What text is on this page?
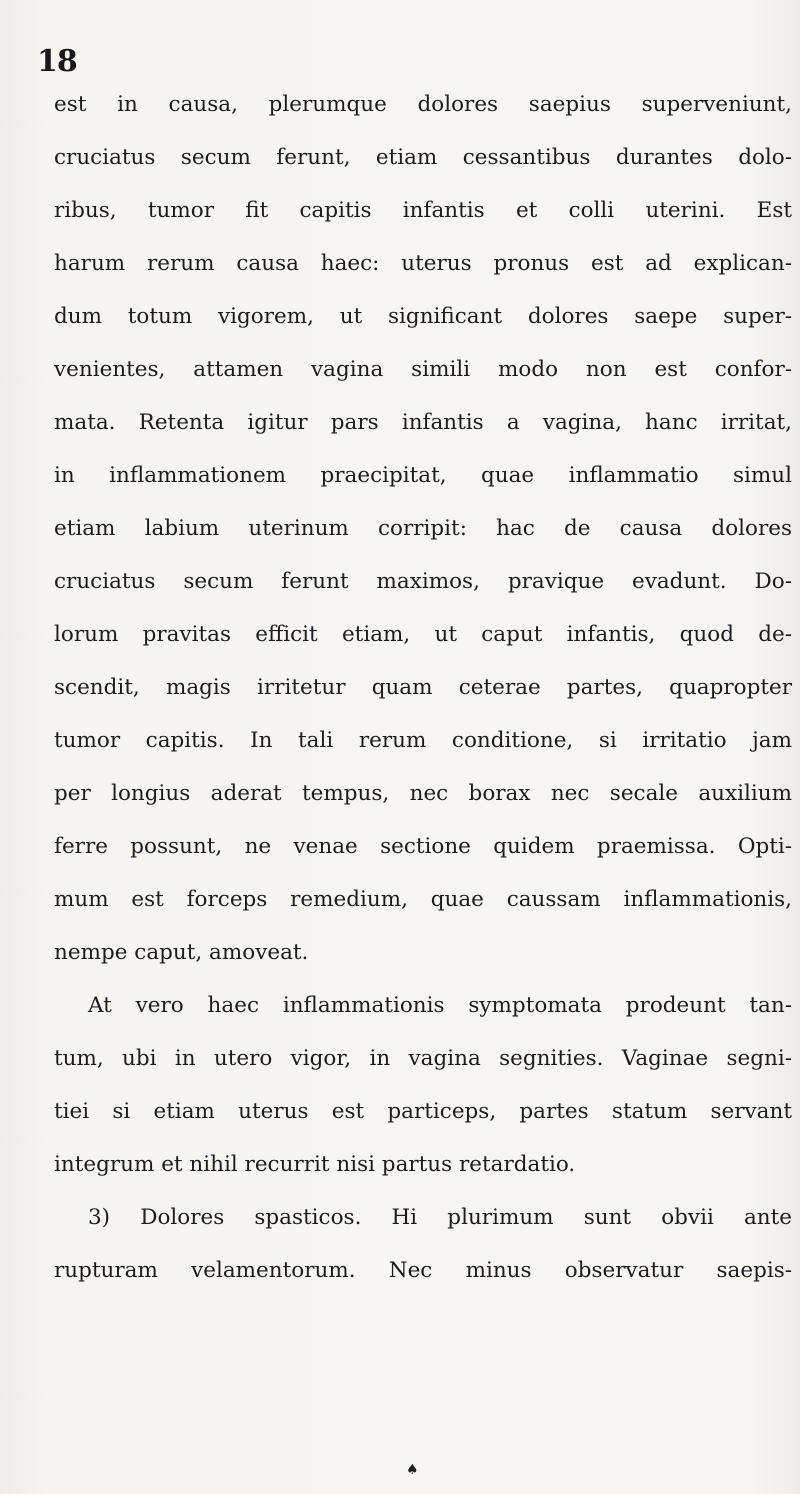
18
est in causa, plerumque dolores saepius superveniunt,
cruciatus secum ferunt, etiam cessantibus durantes dolo-
ribus, tumor fit capitis infantis et colli uterini. Est
harum rerum causa haec: uterus pronus est ad explican-
dum totum vigorem, ut significant dolores saepe super-
venientes, attamen vagina simili modo non est confor-
mata. Retenta igitur pars infantis a vagina, hanc irritat,
in inflammationem praecipitat, quae inflammatio simul
etiam labium uterinum corripit: hac de causa dolores
cruciatus secum ferunt maximos, pravique evadunt. Do-
lorum pravitas efficit etiam, ut caput infantis, quod de-
scendit, magis irritetur quam ceterae partes, quapropter
tumor capitis. In tali rerum conditione, si irritatio jam
per longius aderat tempus, nec borax nec secale auxilium
ferre possunt, ne venae sectione quidem praemissa. Opti-
mum est forceps remedium, quae caussam inflammationis,
nempe caput, amoveat.
At vero haec inflammationis symptomata prodeunt tan-
tum, ubi in utero vigor, in vagina segnities. Vaginae segni-
tiei si etiam uterus est particeps, partes statum servant
integrum et nihil recurrit nisi partus retardatio.
3) Dolores spasticos. Hi plurimum sunt obvii ante
rupturam velamentorum. Nec minus observatur saepis-
♠
